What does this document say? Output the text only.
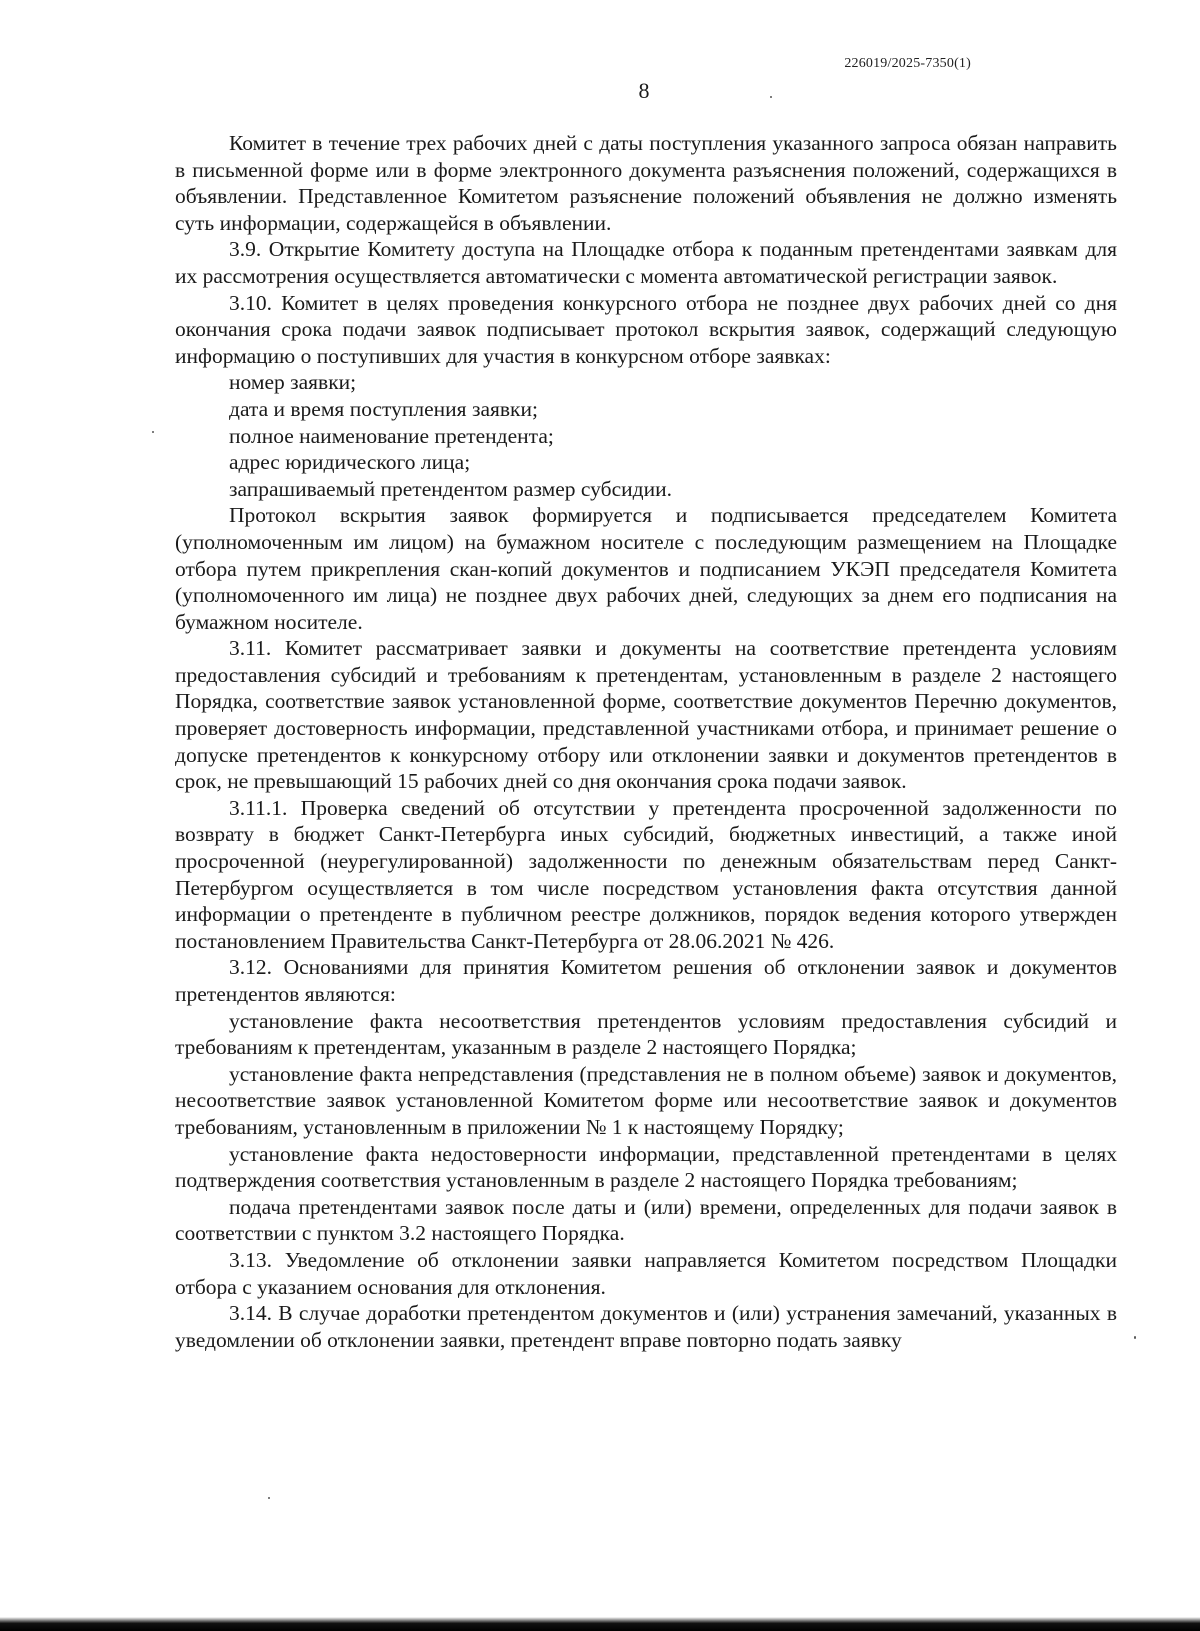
226019/2025-7350(1)
8

Комитет в течение трех рабочих дней с даты поступления указанного запроса обязан направить в письменной форме или в форме электронного документа разъяснения положений, содержащихся в объявлении. Представленное Комитетом разъяснение положений объявления не должно изменять суть информации, содержащейся в объявлении.

3.9. Открытие Комитету доступа на Площадке отбора к поданным претендентами заявкам для их рассмотрения осуществляется автоматически с момента автоматической регистрации заявок.

3.10. Комитет в целях проведения конкурсного отбора не позднее двух рабочих дней со дня окончания срока подачи заявок подписывает протокол вскрытия заявок, содержащий следующую информацию о поступивших для участия в конкурсном отборе заявках:

номер заявки;

дата и время поступления заявки;

полное наименование претендента;

адрес юридического лица;

запрашиваемый претендентом размер субсидии.

Протокол вскрытия заявок формируется и подписывается председателем Комитета (уполномоченным им лицом) на бумажном носителе с последующим размещением на Площадке отбора путем прикрепления скан-копий документов и подписанием УКЭП председателя Комитета (уполномоченного им лица) не позднее двух рабочих дней, следующих за днем его подписания на бумажном носителе.

3.11. Комитет рассматривает заявки и документы на соответствие претендента условиям предоставления субсидий и требованиям к претендентам, установленным в разделе 2 настоящего Порядка, соответствие заявок установленной форме, соответствие документов Перечню документов, проверяет достоверность информации, представленной участниками отбора, и принимает решение о допуске претендентов к конкурсному отбору или отклонении заявки и документов претендентов в срок, не превышающий 15 рабочих дней со дня окончания срока подачи заявок.

3.11.1. Проверка сведений об отсутствии у претендента просроченной задолженности по возврату в бюджет Санкт-Петербурга иных субсидий, бюджетных инвестиций, а также иной просроченной (неурегулированной) задолженности по денежным обязательствам перед Санкт-Петербургом осуществляется в том числе посредством установления факта отсутствия данной информации о претенденте в публичном реестре должников, порядок ведения которого утвержден постановлением Правительства Санкт-Петербурга от 28.06.2021 № 426.

3.12. Основаниями для принятия Комитетом решения об отклонении заявок и документов претендентов являются:

установление факта несоответствия претендентов условиям предоставления субсидий и требованиям к претендентам, указанным в разделе 2 настоящего Порядка;

установление факта непредставления (представления не в полном объеме) заявок и документов, несоответствие заявок установленной Комитетом форме или несоответствие заявок и документов требованиям, установленным в приложении № 1 к настоящему Порядку;

установление факта недостоверности информации, представленной претендентами в целях подтверждения соответствия установленным в разделе 2 настоящего Порядка требованиям;

подача претендентами заявок после даты и (или) времени, определенных для подачи заявок в соответствии с пунктом 3.2 настоящего Порядка.

3.13. Уведомление об отклонении заявки направляется Комитетом посредством Площадки отбора с указанием основания для отклонения.

3.14. В случае доработки претендентом документов и (или) устранения замечаний, указанных в уведомлении об отклонении заявки, претендент вправе повторно подать заявку
